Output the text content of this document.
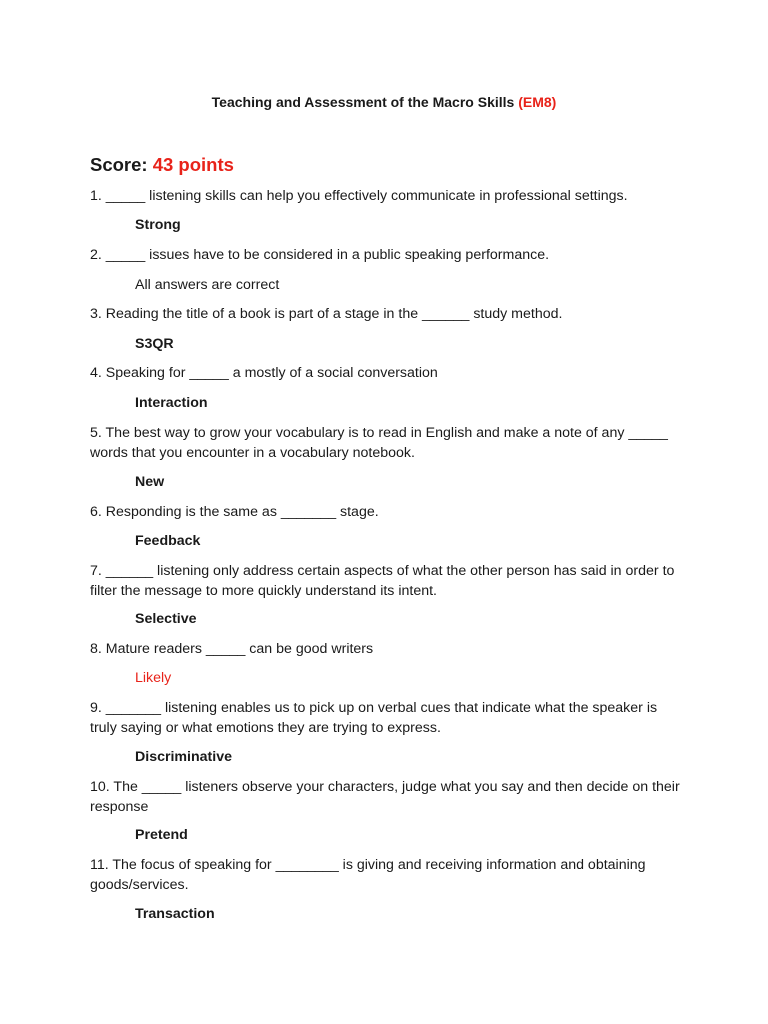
Teaching and Assessment of the Macro Skills (EM8)
Score: 43 points
1. _____ listening skills can help you effectively communicate in professional settings.
Strong
2. _____ issues have to be considered in a public speaking performance.
All answers are correct
3. Reading the title of a book is part of a stage in the ______ study method.
S3QR
4. Speaking for _____ a mostly of a social conversation
Interaction
5. The best way to grow your vocabulary is to read in English and make a note of any _____ words that you encounter in a vocabulary notebook.
New
6. Responding is the same as _______ stage.
Feedback
7. ______ listening only address certain aspects of what the other person has said in order to filter the message to more quickly understand its intent.
Selective
8. Mature readers _____ can be good writers
Likely
9. _______ listening enables us to pick up on verbal cues that indicate what the speaker is truly saying or what emotions they are trying to express.
Discriminative
10. The _____ listeners observe your characters, judge what you say and then decide on their response
Pretend
11. The focus of speaking for ________ is giving and receiving information and obtaining goods/services.
Transaction
